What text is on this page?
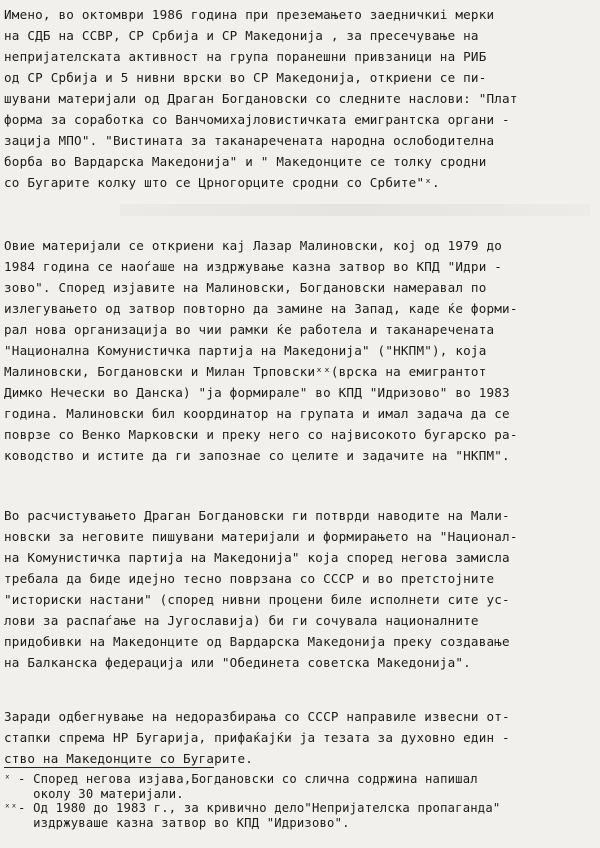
Имено, во октомври 1986 година при преземањето заедничкиі мерки
на СДБ на ССВР, СР Србија и СР Македонија , за пресечување на
непријателската активност на група поранешни привзаници на РИБ
од СР Србија и 5 нивни врски во СР Македонија, откриени се пи-
шувани материјали од Драган Богдановски со следните наслови: "Плат
форма за соработка со Ванчомихајловистичката емигрантска органи -
зација МПО". "Вистината за таканаречената народна ослободителна
борба во Вардарска Македонија" и " Македонците се толку сродни
со Бугарите колку што се Црногорците сродни со Србите"ˣ.
Овие материјали се откриени кај Лазар Малиновски, кој од 1979 до
1984 година се наоѓаше на издржување казна затвор во КПД "Идри -
зово". Според изјавите на Малиновски, Богдановски намеравал по
излегувањето од затвор повторно да замине на Запад, каде ќе форми-
рал нова организација во чии рамки ќе работела и таканаречената
"Национална Комунистичка партија на Македонија" ("НКПМ"), која
Малиновски, Богдановски и Милан Трповскиˣˣ(врска на емигрантот
Димко Нечески во Данска) "ја формирале" во КПД "Идризово" во 1983
година. Малиновски бил координатор на групата и имал задача да се
поврзе со Венко Марковски и преку него со највисокото бугарско ра-
ководство и истите да ги запознае со целите и задачите на "НКПМ".
Во расчистувањето Драган Богдановски ги потврди наводите на Мали-
новски за неговите пишувани материјали и формирањето на "Национал-
на Комунистичка партија на Македонија" која според негова замисла
требала да биде идејно тесно поврзана со СССР и во претстојните
"историски настани" (според нивни процени биле исполнети сите ус-
лови за распаѓање на Југославија) би ги сочувала националните
придобивки на Македонците од Вардарска Македонија преку создавање
на Балканска федерација или "Обединета советска Македонија".
Заради одбегнување на недоразбирања со СССР направиле извесни от-
стапки спрема НР Бугарија, прифаќајќи ја тезата за духовно един -
ство на Македонците со Бугарите.
ˣ - Според негова изјава,Богдановски со слична содржина напишал
околу 30 материјали.
ˣˣ - Од 1980 до 1983 г., за кривично дело"Непријателска пропаганда"
издржуваше казна затвор во КПД "Идризово".
